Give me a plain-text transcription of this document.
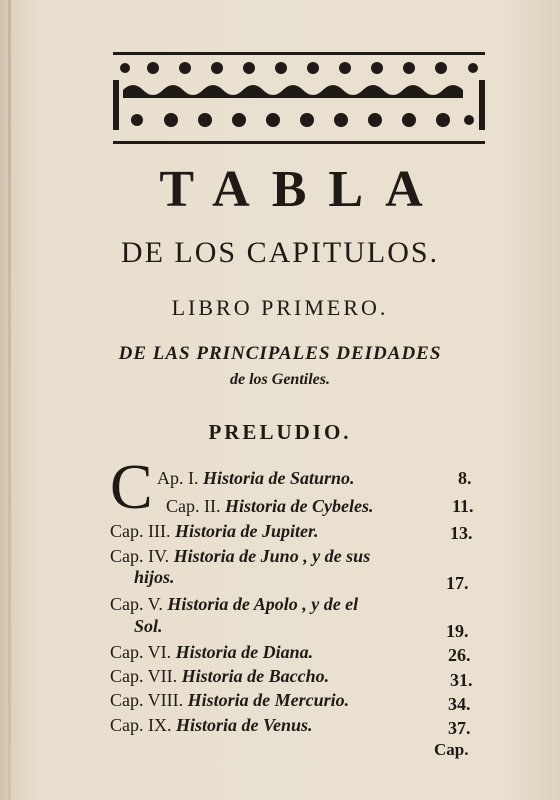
TABLA
DE LOS CAPITULOS.
LIBRO PRIMERO.
DE LAS PRINCIPALES DEIDADES
de los Gentiles.
PRELUDIO.
C Ap. I. Historia de Saturno.	8.
Cap. II. Historia de Cybeles.	11.
Cap. III. Historia de Jupiter.	13.
Cap. IV. Historia de Juno , y de sus
hijos.	17.
Cap. V. Historia de Apolo , y de el
Sol.	19.
Cap. VI. Historia de Diana.	26.
Cap. VII. Historia de Baccho.	31.
Cap. VIII. Historia de Mercurio.	34.
Cap. IX. Historia de Venus.	37.
Cap.
